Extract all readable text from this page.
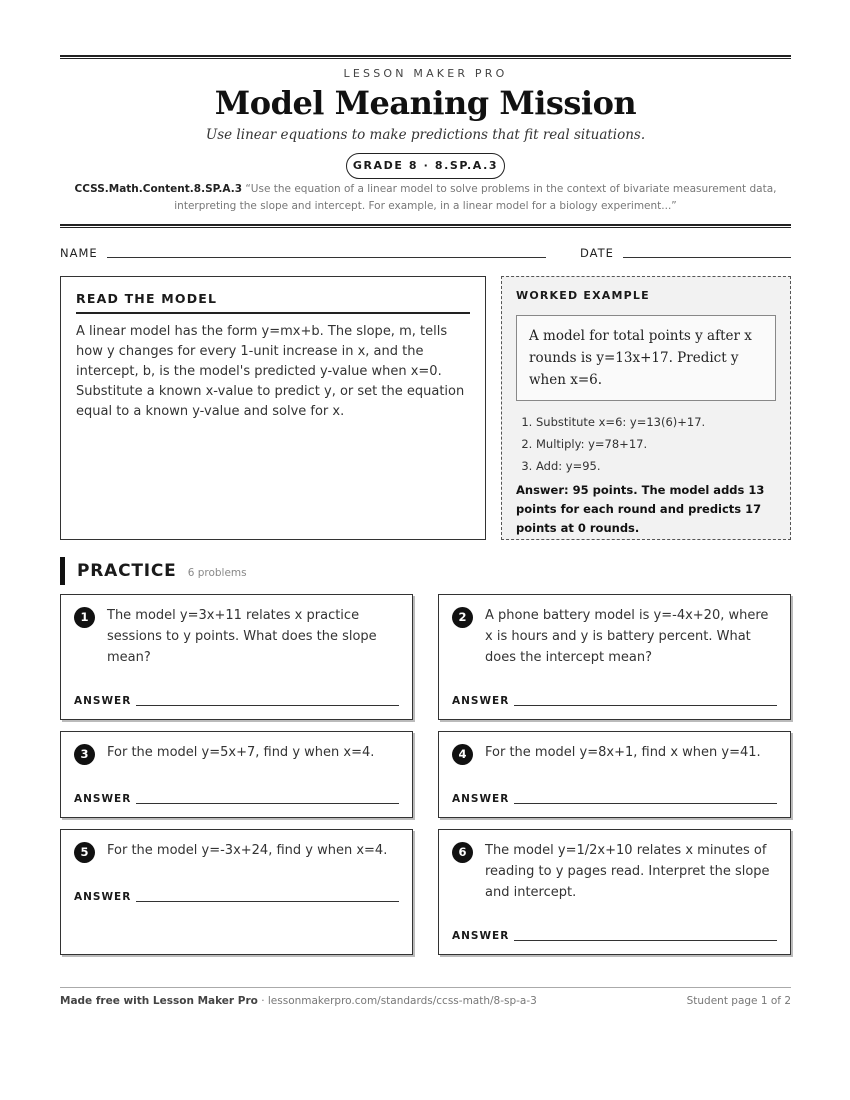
LESSON MAKER PRO
Model Meaning Mission
Use linear equations to make predictions that fit real situations.
GRADE 8 · 8.SP.A.3
CCSS.Math.Content.8.SP.A.3 “Use the equation of a linear model to solve problems in the context of bivariate measurement data, interpreting the slope and intercept. For example, in a linear model for a biology experiment...”
NAME	DATE
READ THE MODEL
A linear model has the form y=mx+b. The slope, m, tells how y changes for every 1-unit increase in x, and the intercept, b, is the model's predicted y-value when x=0. Substitute a known x-value to predict y, or set the equation equal to a known y-value and solve for x.
WORKED EXAMPLE
A model for total points y after x rounds is y=13x+17. Predict y when x=6.
1. Substitute x=6: y=13(6)+17.
2. Multiply: y=78+17.
3. Add: y=95.
Answer: 95 points. The model adds 13 points for each round and predicts 17 points at 0 rounds.
PRACTICE 6 problems
1	The model y=3x+11 relates x practice sessions to y points. What does the slope mean?
ANSWER
2	A phone battery model is y=-4x+20, where x is hours and y is battery percent. What does the intercept mean?
ANSWER
3	For the model y=5x+7, find y when x=4.
ANSWER
4	For the model y=8x+1, find x when y=41.
ANSWER
5	For the model y=-3x+24, find y when x=4.
ANSWER
6	The model y=1/2x+10 relates x minutes of reading to y pages read. Interpret the slope and intercept.
ANSWER
Made free with Lesson Maker Pro · lessonmakerpro.com/standards/ccss-math/8-sp-a-3	Student page 1 of 2
